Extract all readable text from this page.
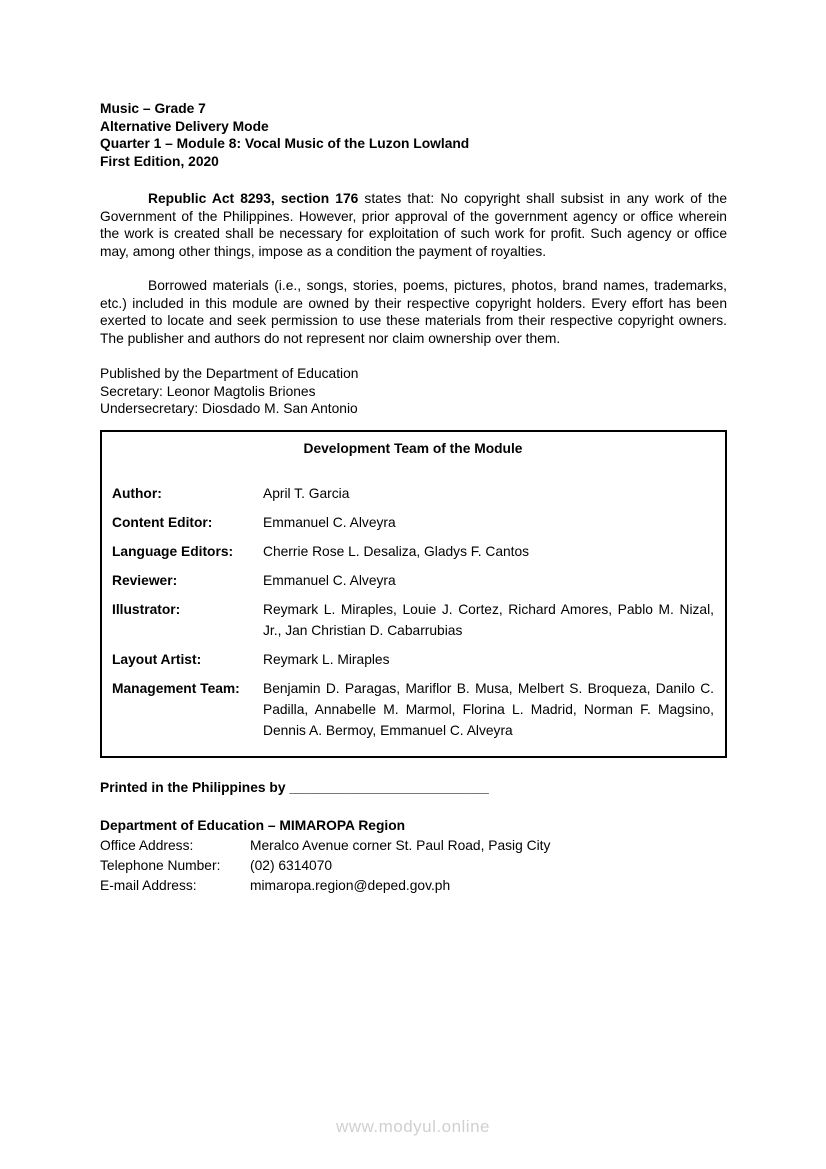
Music – Grade 7
Alternative Delivery Mode
Quarter 1 – Module 8: Vocal Music of the Luzon Lowland
First Edition, 2020

Republic Act 8293, section 176 states that: No copyright shall subsist in any work of the Government of the Philippines. However, prior approval of the government agency or office wherein the work is created shall be necessary for exploitation of such work for profit. Such agency or office may, among other things, impose as a condition the payment of royalties.

Borrowed materials (i.e., songs, stories, poems, pictures, photos, brand names, trademarks, etc.) included in this module are owned by their respective copyright holders. Every effort has been exerted to locate and seek permission to use these materials from their respective copyright owners. The publisher and authors do not represent nor claim ownership over them.

Published by the Department of Education
Secretary: Leonor Magtolis Briones
Undersecretary: Diosdado M. San Antonio
Development Team of the Module
Author:	April T. Garcia
Content Editor:	Emmanuel C. Alveyra
Language Editors:	Cherrie Rose L. Desaliza, Gladys F. Cantos
Reviewer:	Emmanuel C. Alveyra
Illustrator:	Reymark L. Miraples, Louie J. Cortez, Richard Amores, Pablo M. Nizal, Jr., Jan Christian D. Cabarrubias
Layout Artist:	Reymark L. Miraples
Management Team:	Benjamin D. Paragas, Mariflor B. Musa, Melbert S. Broqueza, Danilo C. Padilla, Annabelle M. Marmol, Florina L. Madrid, Norman F. Magsino, Dennis A. Bermoy, Emmanuel C. Alveyra

Printed in the Philippines by __________________________

Department of Education – MIMAROPA Region
Office Address:	Meralco Avenue corner St. Paul Road, Pasig City
Telephone Number:	(02) 6314070
E-mail Address:	mimaropa.region@deped.gov.ph
www.modyul.online
